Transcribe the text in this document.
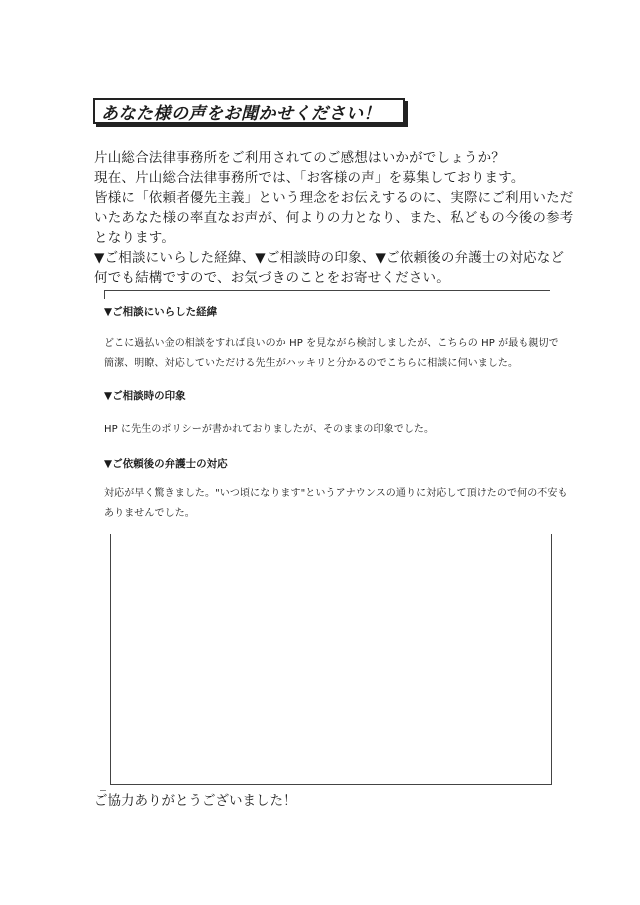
あなた様の声をお聞かせください！
片山総合法律事務所をご利用されてのご感想はいかがでしょうか？
現在、片山総合法律事務所では、「お客様の声」を募集しております。
皆様に「依頼者優先主義」という理念をお伝えするのに、実際にご利用いただ
いたあなた様の率直なお声が、何よりの力となり、また、私どもの今後の参考
となります。
▼ご相談にいらした経緯、▼ご相談時の印象、▼ご依頼後の弁護士の対応など
何でも結構ですので、お気づきのことをお寄せください。
▼ご相談にいらした経緯
どこに過払い金の相談をすれば良いのか HP を見ながら検討しましたが、こちらの HP が最も親切で
簡潔、明瞭、対応していただける先生がハッキリと分かるのでこちらに相談に伺いました。
▼ご相談時の印象
HP に先生のポリシーが書かれておりましたが、そのままの印象でした。
▼ご依頼後の弁護士の対応
対応が早く驚きました。"いつ頃になります"というアナウンスの通りに対応して頂けたので何の不安も
ありませんでした。
ご協力ありがとうございました！
